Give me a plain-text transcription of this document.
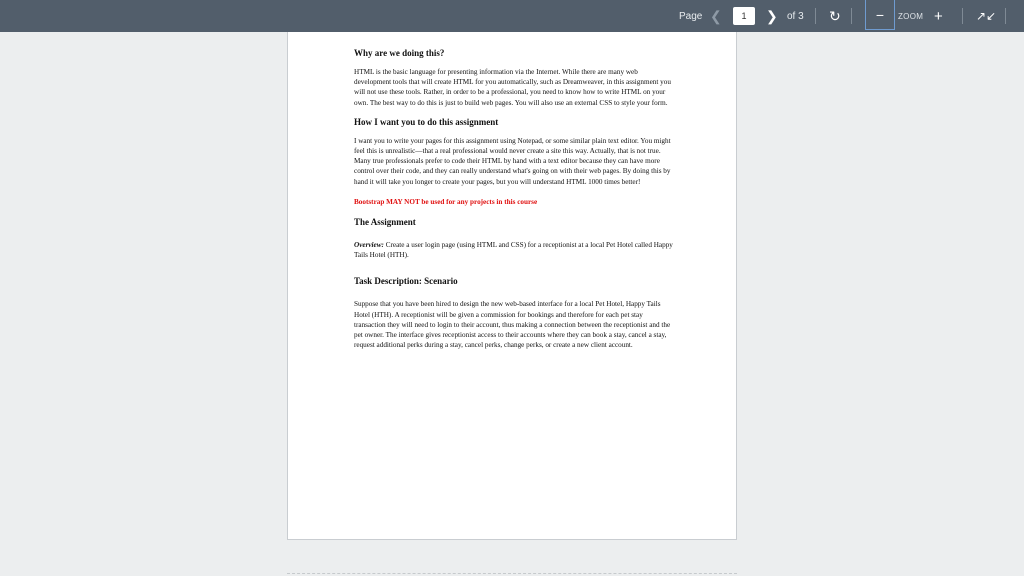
Page ❮	1	❯ of 3 ↻	− ZOOM +	↗↙
Why are we doing this?

HTML is the basic language for presenting information via the Internet. While there are many web development tools that will create HTML for you automatically, such as Dreamweaver, in this assignment you will not use these tools. Rather, in order to be a professional, you need to know how to write HTML on your own. The best way to do this is just to build web pages. You will also use an external CSS to style your form.

How I want you to do this assignment

I want you to write your pages for this assignment using Notepad, or some similar plain text editor. You might feel this is unrealistic—that a real professional would never create a site this way. Actually, that is not true. Many true professionals prefer to code their HTML by hand with a text editor because they can have more control over their code, and they can really understand what's going on with their web pages. By doing this by hand it will take you longer to create your pages, but you will understand HTML 1000 times better!

Bootstrap MAY NOT be used for any projects in this course

The Assignment

Overview: Create a user login page (using HTML and CSS) for a receptionist at a local Pet Hotel called Happy Tails Hotel (HTH).

Task Description: Scenario

Suppose that you have been hired to design the new web-based interface for a local Pet Hotel, Happy Tails Hotel (HTH). A receptionist will be given a commission for bookings and therefore for each pet stay transaction they will need to login to their account, thus making a connection between the receptionist and the pet owner. The interface gives receptionist access to their accounts where they can book a stay, cancel a stay, request additional perks during a stay, cancel perks, change perks, or create a new client account.
